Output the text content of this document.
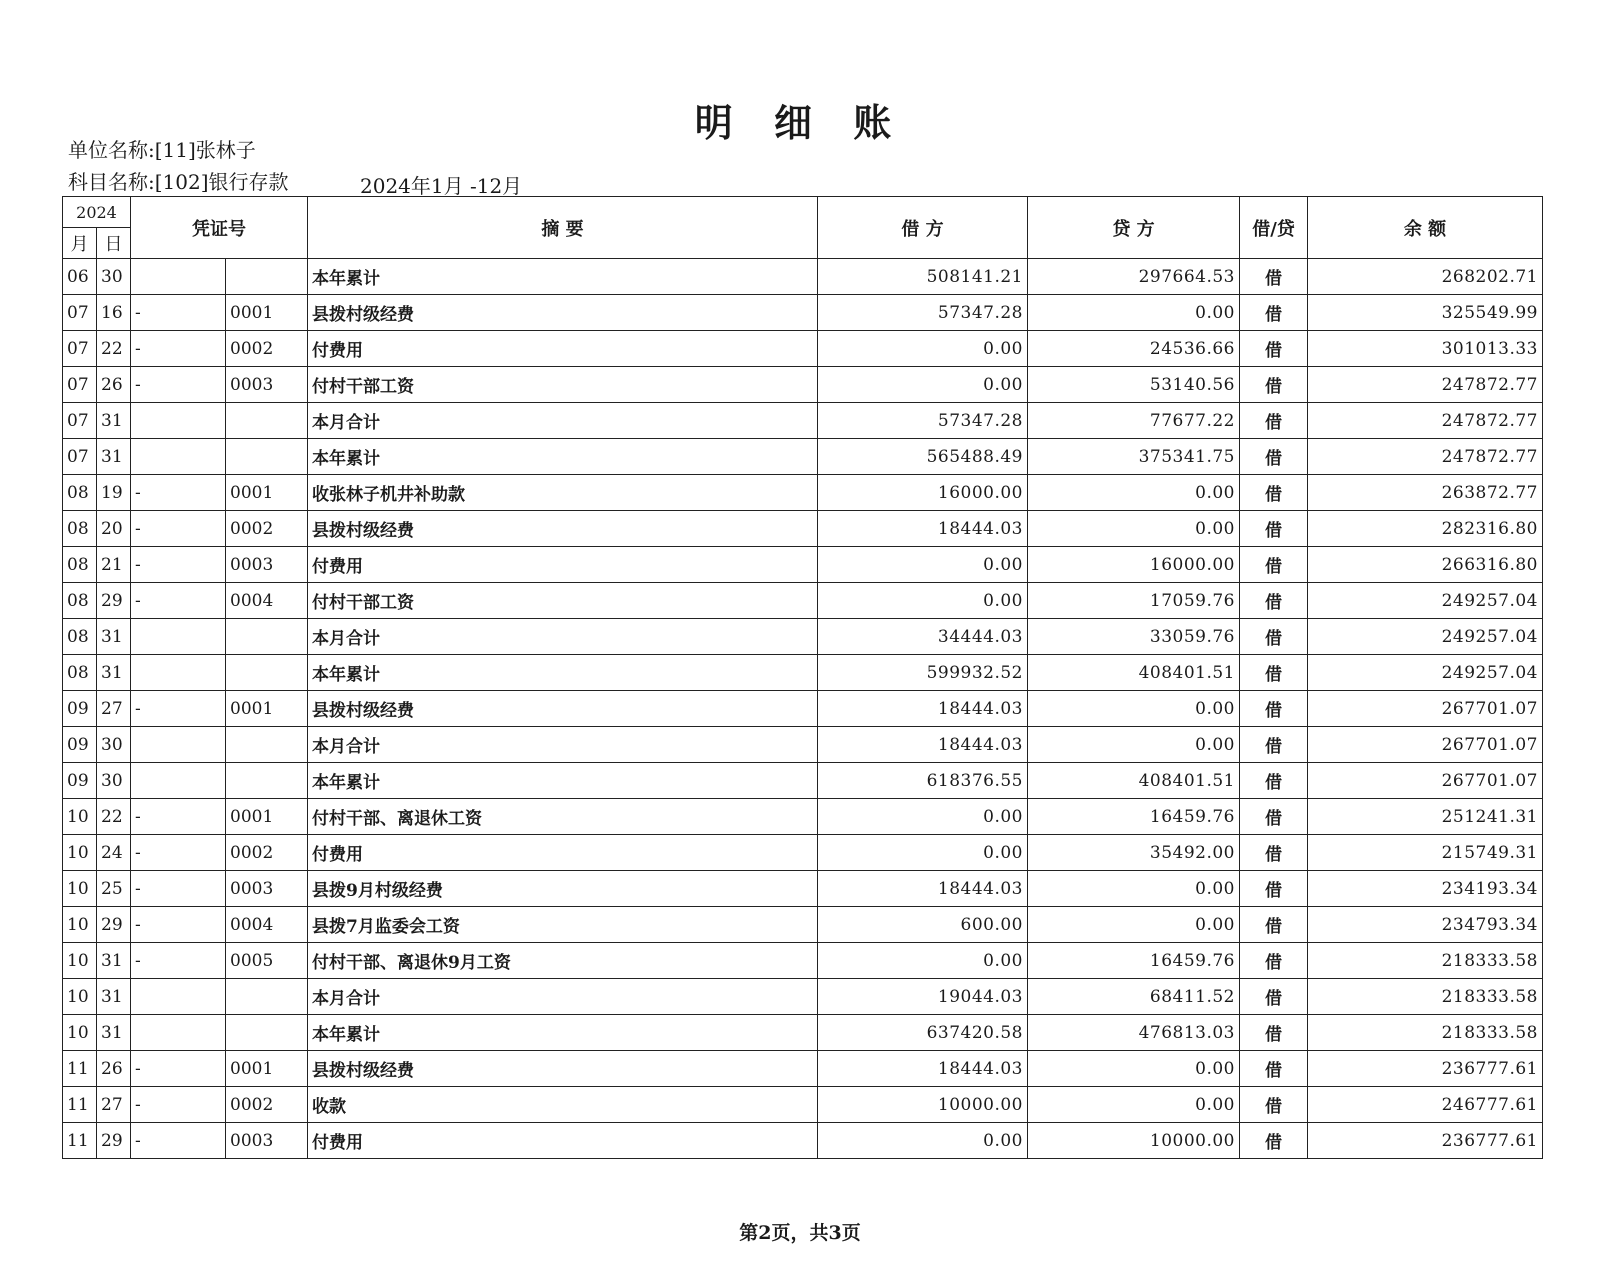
明 细 账
单位名称:[11]张林子
科目名称:[102]银行存款	2024年1月 -12月
2024		凭证号		摘 要	借 方	贷 方	借/贷	余 额
月	日							
06	30			本年累计	508141.21	297664.53	借	268202.71
07	16	-	0001	县拨村级经费	57347.28	0.00	借	325549.99
07	22	-	0002	付费用	0.00	24536.66	借	301013.33
07	26	-	0003	付村干部工资	0.00	53140.56	借	247872.77
07	31			本月合计	57347.28	77677.22	借	247872.77
07	31			本年累计	565488.49	375341.75	借	247872.77
08	19	-	0001	收张林子机井补助款	16000.00	0.00	借	263872.77
08	20	-	0002	县拨村级经费	18444.03	0.00	借	282316.80
08	21	-	0003	付费用	0.00	16000.00	借	266316.80
08	29	-	0004	付村干部工资	0.00	17059.76	借	249257.04
08	31			本月合计	34444.03	33059.76	借	249257.04
08	31			本年累计	599932.52	408401.51	借	249257.04
09	27	-	0001	县拨村级经费	18444.03	0.00	借	267701.07
09	30			本月合计	18444.03	0.00	借	267701.07
09	30			本年累计	618376.55	408401.51	借	267701.07
10	22	-	0001	付村干部、离退休工资	0.00	16459.76	借	251241.31
10	24	-	0002	付费用	0.00	35492.00	借	215749.31
10	25	-	0003	县拨9月村级经费	18444.03	0.00	借	234193.34
10	29	-	0004	县拨7月监委会工资	600.00	0.00	借	234793.34
10	31	-	0005	付村干部、离退休9月工资	0.00	16459.76	借	218333.58
10	31			本月合计	19044.03	68411.52	借	218333.58
10	31			本年累计	637420.58	476813.03	借	218333.58
11	26	-	0001	县拨村级经费	18444.03	0.00	借	236777.61
11	27	-	0002	收款	10000.00	0.00	借	246777.61
11	29	-	0003	付费用	0.00	10000.00	借	236777.61
第2页，共3页
